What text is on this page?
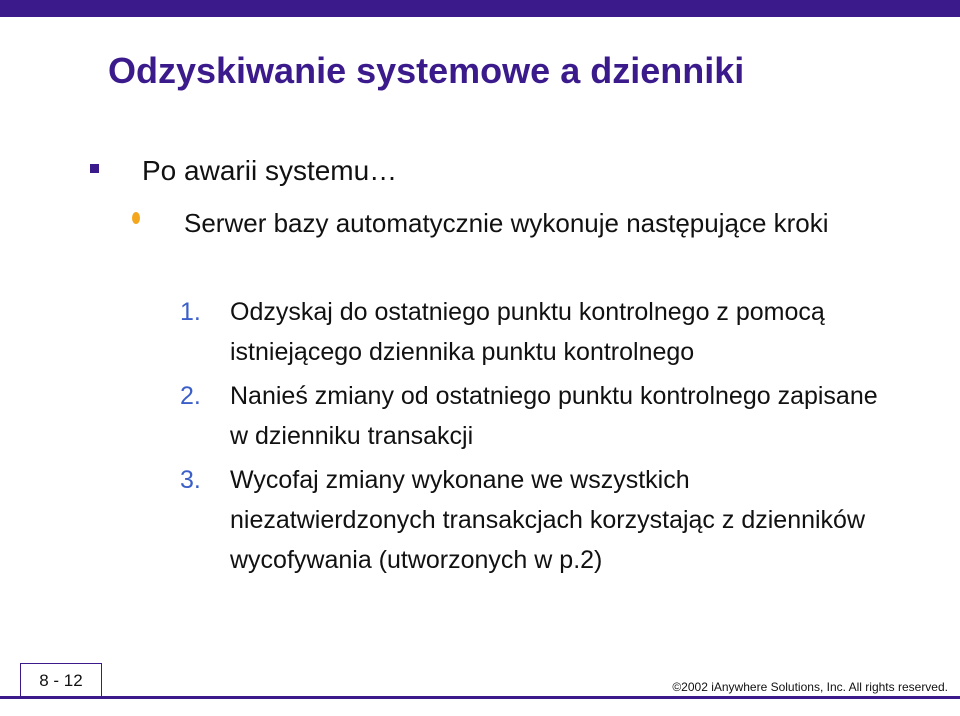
Odzyskiwanie systemowe a dzienniki
Po awarii systemu…
Serwer bazy automatycznie wykonuje następujące kroki
1. Odzyskaj do ostatniego punktu kontrolnego z pomocą istniejącego dziennika punktu kontrolnego
2. Nanieś zmiany od ostatniego punktu kontrolnego zapisane w dzienniku transakcji
3. Wycofaj zmiany wykonane we wszystkich niezatwierdzonych transakcjach korzystając z dzienników wycofywania (utworzonych w p.2)
8 - 12	©2002 iAnywhere Solutions, Inc. All rights reserved.
